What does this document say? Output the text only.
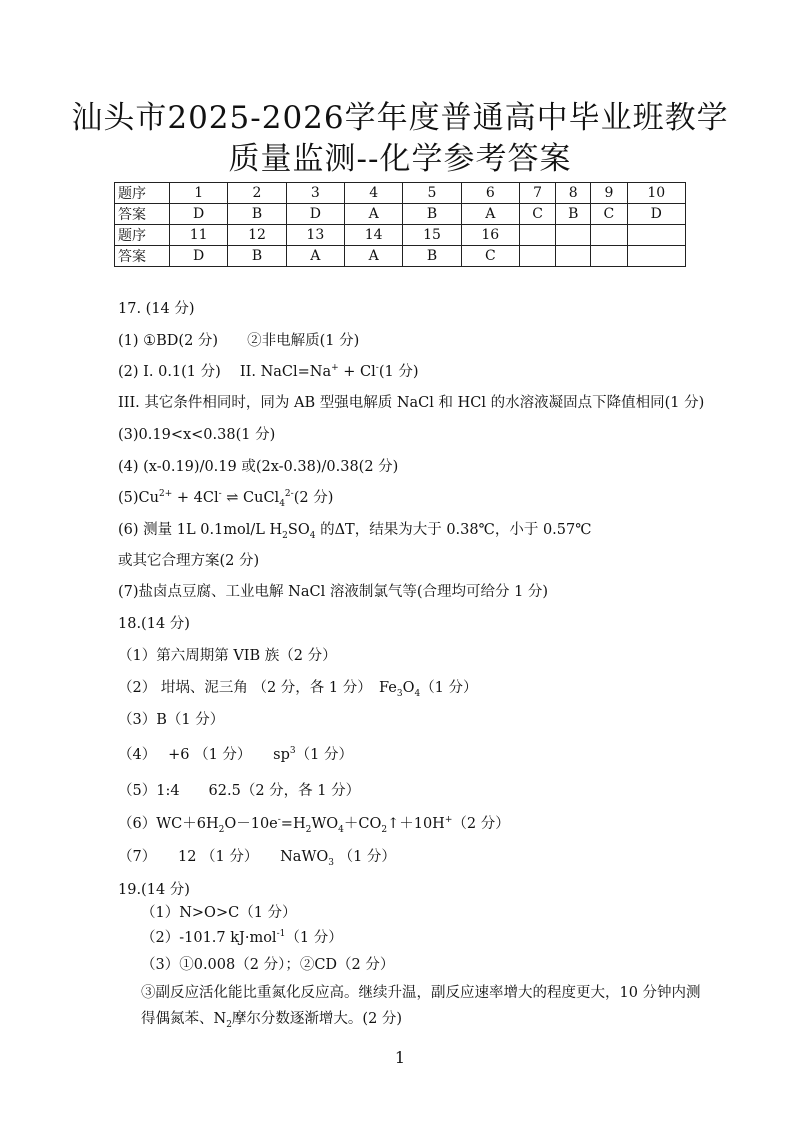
汕头市2025-2026学年度普通高中毕业班教学
质量监测--化学参考答案
题序	1	2	3	4	5	6	7	8	9	10
答案	D	B	D	A	B	A	C	B	C	D
题序	11	12	13	14	15	16				
答案	D	B	A	A	B	C				
17. (14 分)
(1) ①BD(2 分)　　②非电解质(1 分)
(2) I. 0.1(1 分)　 II. NaCl=Na+ + Cl-(1 分)
III. 其它条件相同时，同为 AB 型强电解质 NaCl 和 HCl 的水溶液凝固点下降值相同(1 分)
(3)0.19<x<0.38(1 分)
(4) (x-0.19)/0.19 或(2x-0.38)/0.38(2 分)
$(5)Cu^{2+} + 4Cl^-$ ⇌ CuCl$_4^{2-}$(2 分)
(6) 测量 1L 0.1mol/L $H_2SO_4$ 的ΔT，结果为大于 0.38℃，小于 0.57℃
或其它合理方案(2 分)
(7)盐卤点豆腐、工业电解 NaCl 溶液制氯气等(合理均可给分 1 分)
18.(14 分)
（1）第六周期第 VIB 族（2 分）
（2） 坩埚、泥三角 （2 分，各 1 分）　$Fe_3O_4(1$ 分）
（3）B（1 分）
（4）　 +6 （1 分）　　$sp^3(1$ 分）
（5）1:4　　62.5（2 分，各 1 分）
$(6)WC+6H_2O-10e^-=H_2WO_4+CO_2↑+10H^+(2$ 分）
（7）　　12 （1 分）　　NaWO$_3$ （1 分）
19.(14 分)
（1）N>O>C（1 分）
（2）-101.7 kJ·mol$^{-1}$（1 分）
（3）①0.008（2 分）；②CD（2 分）
③副反应活化能比重氮化反应高。继续升温，副反应速率增大的程度更大，10 分钟内测
得偶氮苯、$N_2$摩尔分数逐渐增大。(2 分)
1
